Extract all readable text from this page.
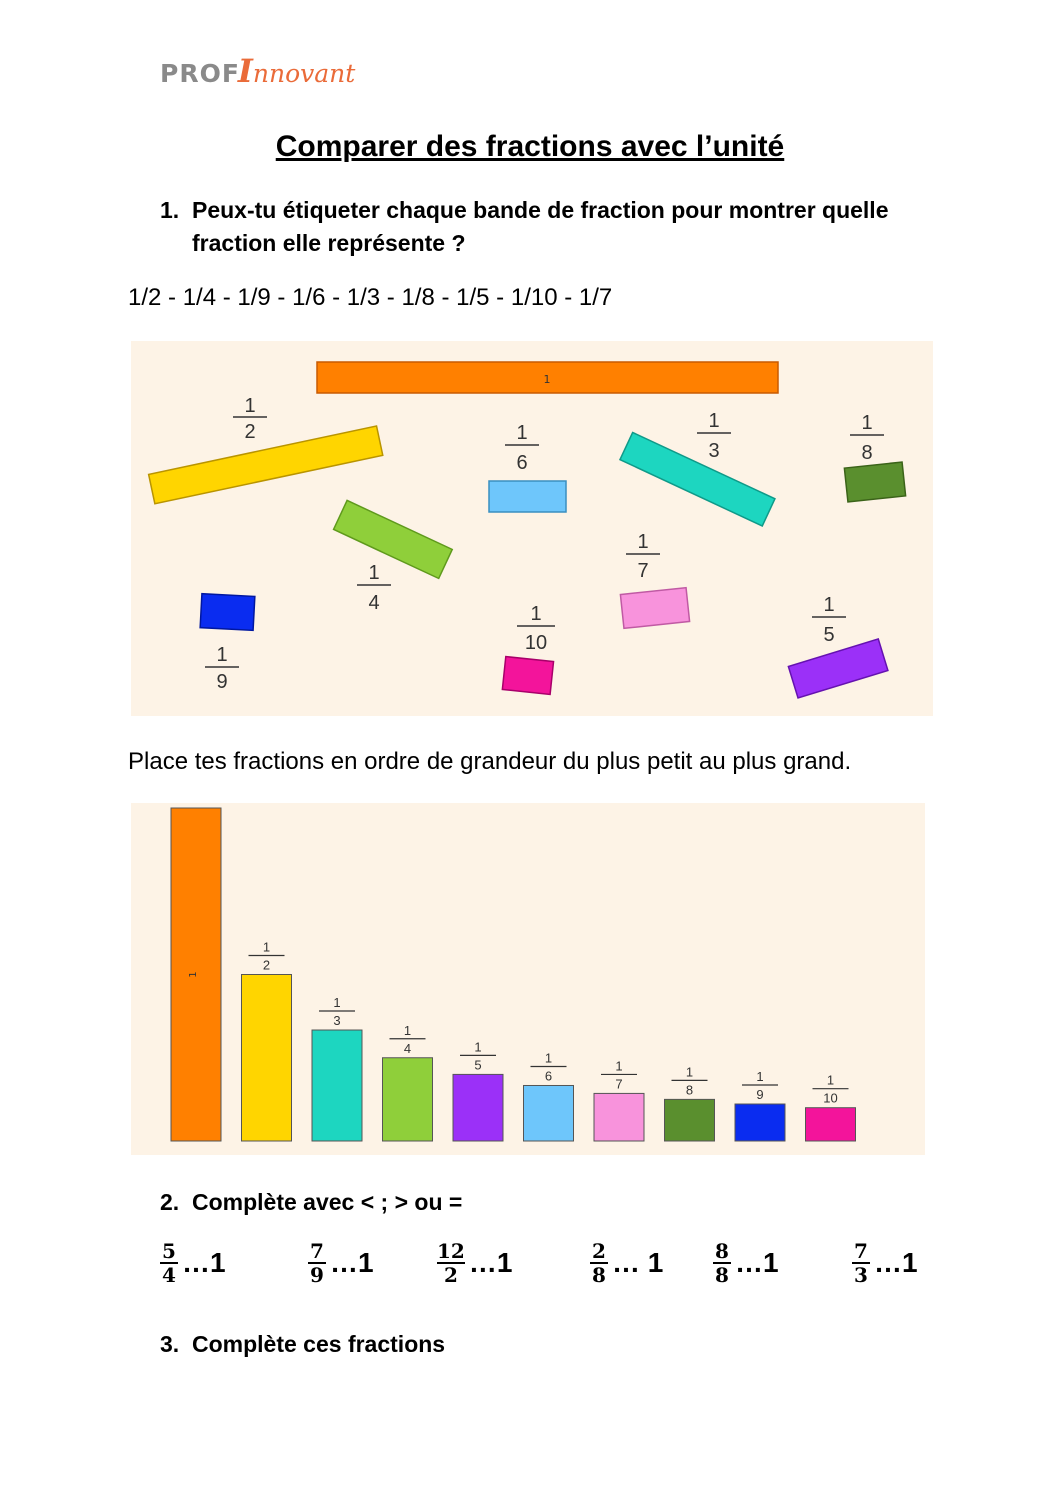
PROF
I nnovant
Comparer des fractions avec l’unité
1. Peux-tu étiqueter chaque bande de fraction pour montrer quelle fraction elle représente ?
1/2 - 1/4 - 1/9 - 1/6 - 1/3 - 1/8 - 1/5 - 1/10 - 1/7
1
1
2	1
6
1
3
1
8
1
4
1
7
1
9
1
10
1
5
Place tes fractions en ordre de grandeur du plus petit au plus grand.
1
1
2
1
3
1
4	1
5	1
6
1
7
1
8
1
9
1
10
2. Complète avec < ; > ou =
$\frac{5}{4}$ …1	$\frac{7}{9}$ …1	$\frac{12}{2}$ …1	$\frac{2}{8}$ … $1 \frac{8}{8}$ …1	$\frac{7}{3}$ …1
3. Complète ces fractions
